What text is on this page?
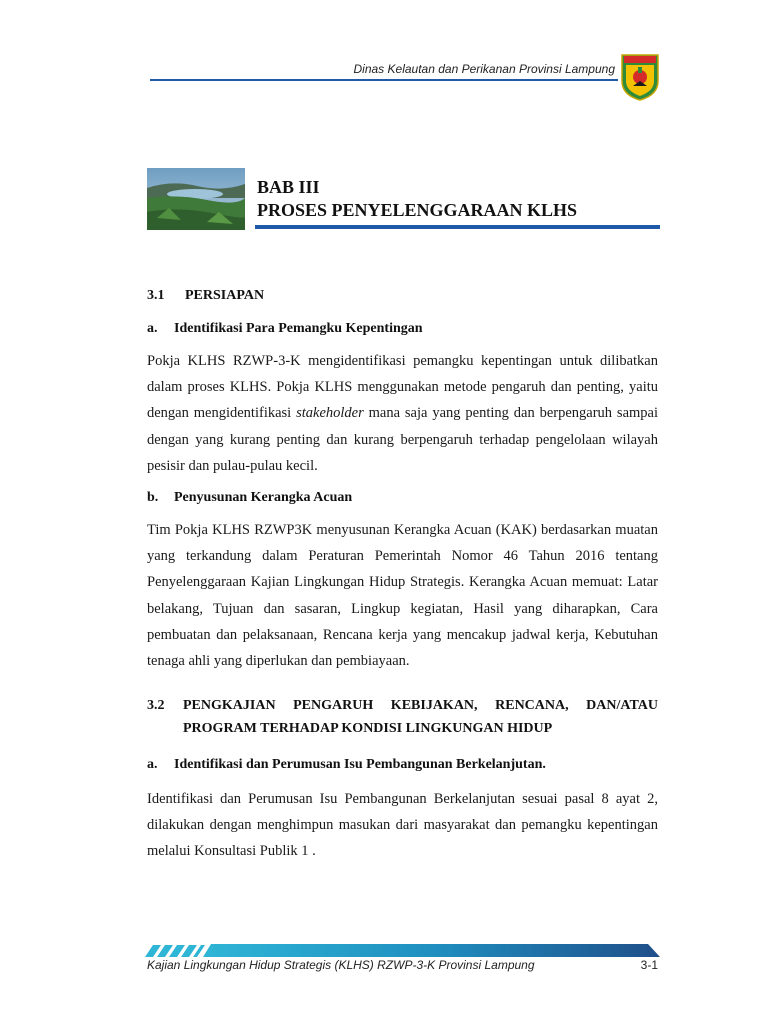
Dinas Kelautan dan Perikanan Provinsi Lampung
BAB III
PROSES PENYELENGGARAAN KLHS
3.1 PERSIAPAN
a. Identifikasi Para Pemangku Kepentingan
Pokja KLHS RZWP-3-K mengidentifikasi pemangku kepentingan untuk dilibatkan dalam proses KLHS. Pokja KLHS menggunakan metode pengaruh dan penting, yaitu dengan mengidentifikasi stakeholder mana saja yang penting dan berpengaruh sampai dengan yang kurang penting dan kurang berpengaruh terhadap pengelolaan wilayah pesisir dan pulau-pulau kecil.
b. Penyusunan Kerangka Acuan
Tim Pokja KLHS RZWP3K menyusunan Kerangka Acuan (KAK) berdasarkan muatan yang terkandung dalam Peraturan Pemerintah Nomor 46 Tahun 2016 tentang Penyelenggaraan Kajian Lingkungan Hidup Strategis. Kerangka Acuan memuat: Latar belakang, Tujuan dan sasaran, Lingkup kegiatan, Hasil yang diharapkan, Cara pembuatan dan pelaksanaan, Rencana kerja yang mencakup jadwal kerja, Kebutuhan tenaga ahli yang diperlukan dan pembiayaan.
3.2	PENGKAJIAN PENGARUH KEBIJAKAN, RENCANA, DAN/ATAU
PROGRAM TERHADAP KONDISI LINGKUNGAN HIDUP
a. Identifikasi dan Perumusan Isu Pembangunan Berkelanjutan.
Identifikasi dan Perumusan Isu Pembangunan Berkelanjutan sesuai pasal 8 ayat 2, dilakukan dengan menghimpun masukan dari masyarakat dan pemangku kepentingan melalui Konsultasi Publik 1 .
Kajian Lingkungan Hidup Strategis (KLHS) RZWP-3-K Provinsi Lampung	3-1
